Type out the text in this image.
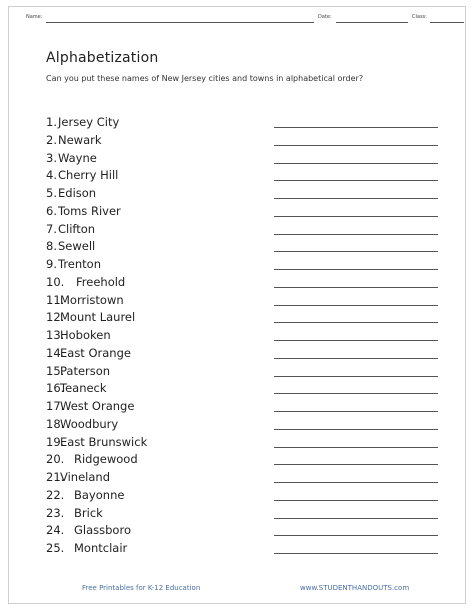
Name:	Date:	Class:
Alphabetization
Can you put these names of New Jersey cities and towns in alphabetical order?
1. Jersey City
2. Newark
3. Wayne
4. Cherry Hill
5. Edison
6. Toms River
7. Clifton
8. Sewell
9. Trenton
10. Freehold
11.
Morristown
12.
Mount Laurel
13.
Hoboken
14.
East Orange
15.
Paterson
16.
Teaneck
17.
West Orange
18.
Woodbury
19.
East Brunswick
20. Ridgewood
21.
Vineland
22. Bayonne
23. Brick
24. Glassboro
25. Montclair
Free Printables for K-12 Education	www.STUDENTHANDOUTS.com
